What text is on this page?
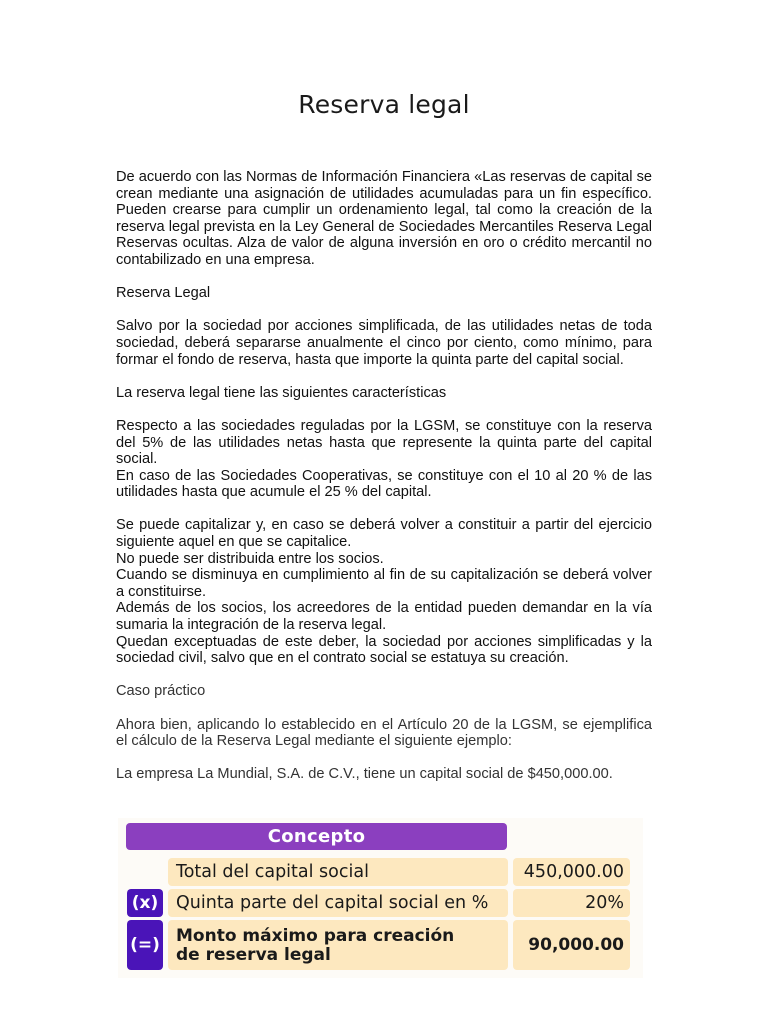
Reserva legal

De acuerdo con las Normas de Información Financiera «Las reservas de capital se crean mediante una asignación de utilidades acumuladas para un fin específico. Pueden crearse para cumplir un ordenamiento legal, tal como la creación de la reserva legal prevista en la Ley General de Sociedades Mercantiles Reserva Legal Reservas ocultas. Alza de valor de alguna inversión en oro o crédito mercantil no contabilizado en una empresa.

Reserva Legal

Salvo por la sociedad por acciones simplificada, de las utilidades netas de toda sociedad, deberá separarse anualmente el cinco por ciento, como mínimo, para formar el fondo de reserva, hasta que importe la quinta parte del capital social.

La reserva legal tiene las siguientes características

Respecto a las sociedades reguladas por la LGSM, se constituye con la reserva del 5% de las utilidades netas hasta que represente la quinta parte del capital social.

En caso de las Sociedades Cooperativas, se constituye con el 10 al 20 % de las utilidades hasta que acumule el 25 % del capital.

Se puede capitalizar y, en caso se deberá volver a constituir a partir del ejercicio siguiente aquel en que se capitalice.

No puede ser distribuida entre los socios.

Cuando se disminuya en cumplimiento al fin de su capitalización se deberá volver a constituirse.

Además de los socios, los acreedores de la entidad pueden demandar en la vía sumaria la integración de la reserva legal.

Quedan exceptuadas de este deber, la sociedad por acciones simplificadas y la sociedad civil, salvo que en el contrato social se estatuya su creación.

Caso práctico

Ahora bien, aplicando lo establecido en el Artículo 20 de la LGSM, se ejemplifica el cálculo de la Reserva Legal mediante el siguiente ejemplo:

La empresa La Mundial, S.A. de C.V., tiene un capital social de $450,000.00.

Concepto
Total del capital social	450,000.00
(x)	Quinta parte del capital social en %	20%
(=) Monto máximo para creación
de reserva legal	90,000.00
